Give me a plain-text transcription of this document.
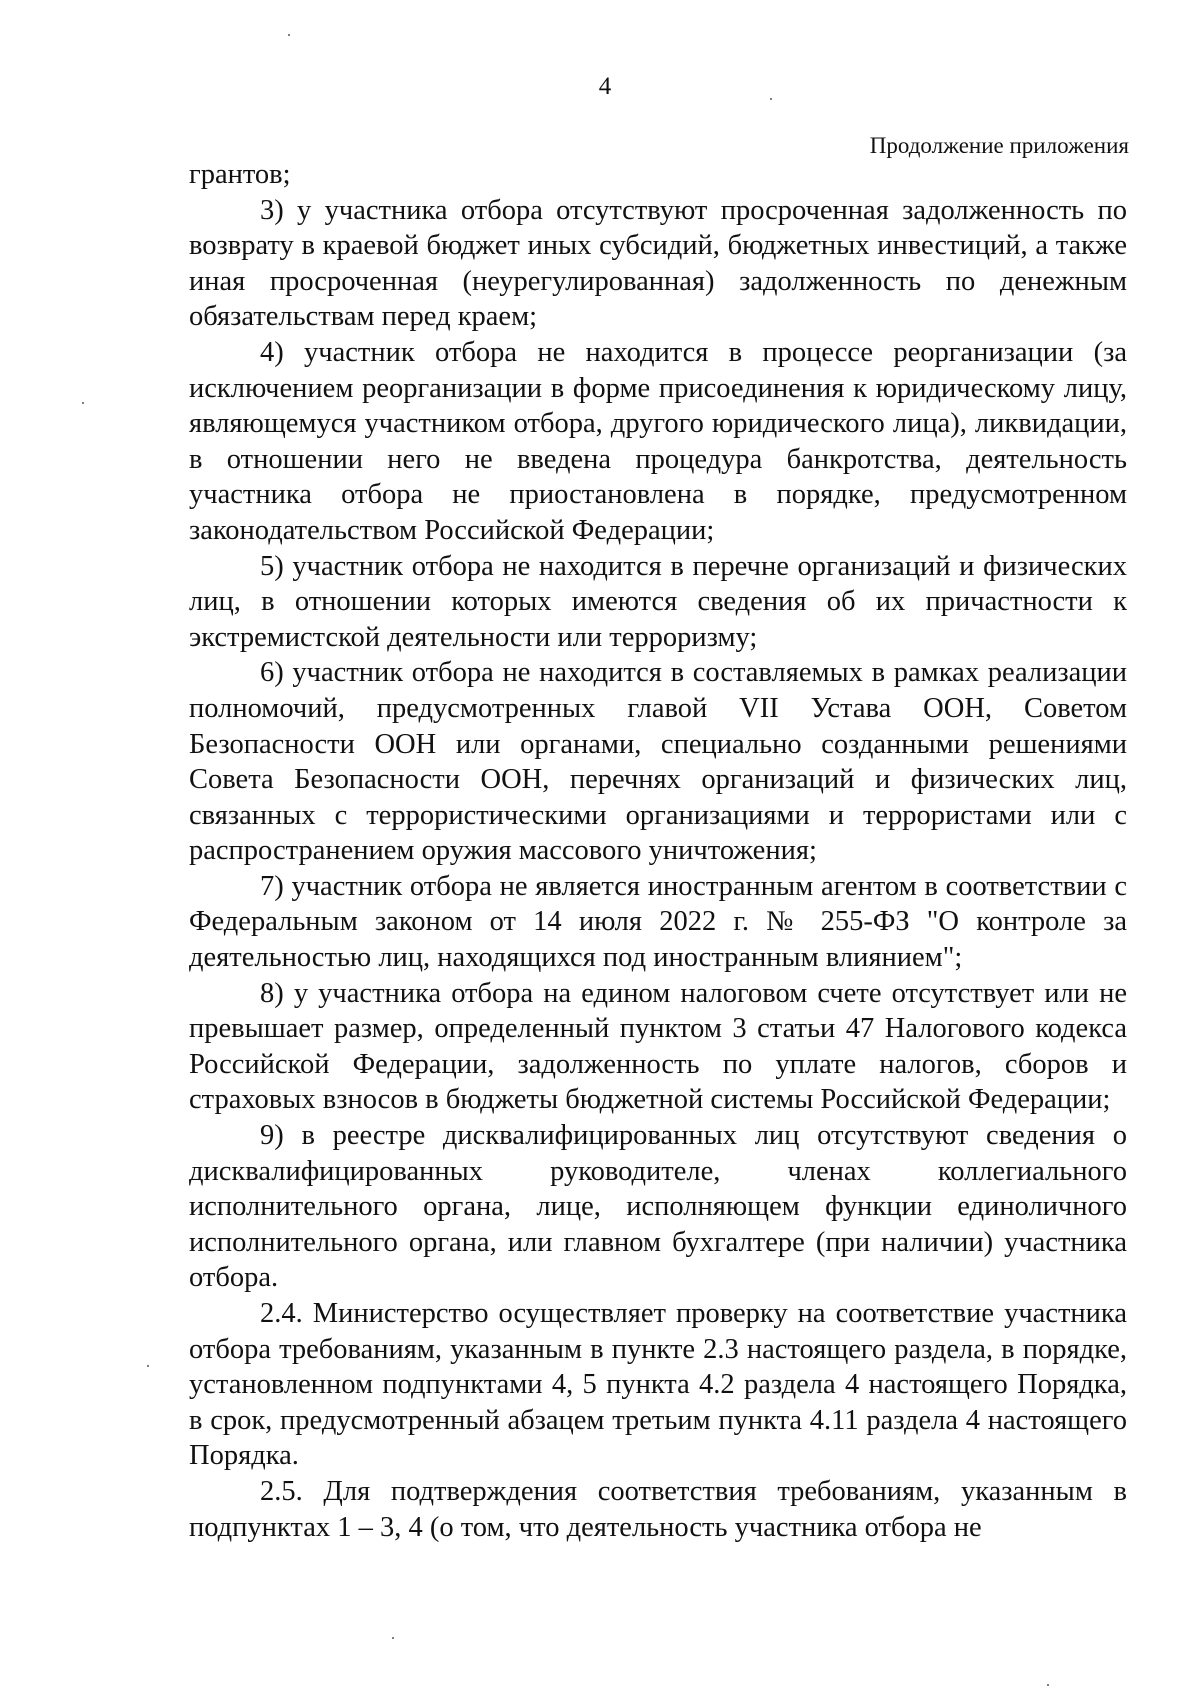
4
Продолжение приложения

грантов;

3) у участника отбора отсутствуют просроченная задолженность по возврату в краевой бюджет иных субсидий, бюджетных инвестиций, а также иная просроченная (неурегулированная) задолженность по денежным обязательствам перед краем;

4) участник отбора не находится в процессе реорганизации (за исключением реорганизации в форме присоединения к юридическому лицу, являющемуся участником отбора, другого юридического лица), ликвидации, в отношении него не введена процедура банкротства, деятельность участника отбора не приостановлена в порядке, предусмотренном законодательством Российской Федерации;

5) участник отбора не находится в перечне организаций и физических лиц, в отношении которых имеются сведения об их причастности к экстремистской деятельности или терроризму;

6) участник отбора не находится в составляемых в рамках реализации полномочий, предусмотренных главой VII Устава ООН, Советом Безопасности ООН или органами, специально созданными решениями Совета Безопасности ООН, перечнях организаций и физических лиц, связанных с террористическими организациями и террористами или с распространением оружия массового уничтожения;

7) участник отбора не является иностранным агентом в соответствии с Федеральным законом от 14 июля 2022 г. № 255-ФЗ "О контроле за деятельностью лиц, находящихся под иностранным влиянием";

8) у участника отбора на едином налоговом счете отсутствует или не превышает размер, определенный пунктом 3 статьи 47 Налогового кодекса Российской Федерации, задолженность по уплате налогов, сборов и страховых взносов в бюджеты бюджетной системы Российской Федерации;

9) в реестре дисквалифицированных лиц отсутствуют сведения о дисквалифицированных руководителе, членах коллегиального исполнительного органа, лице, исполняющем функции единоличного исполнительного органа, или главном бухгалтере (при наличии) участника отбора.

2.4. Министерство осуществляет проверку на соответствие участника отбора требованиям, указанным в пункте 2.3 настоящего раздела, в порядке, установленном подпунктами 4, 5 пункта 4.2 раздела 4 настоящего Порядка, в срок, предусмотренный абзацем третьим пункта 4.11 раздела 4 настоящего Порядка.

2.5. Для подтверждения соответствия требованиям, указанным в подпунктах 1 – 3, 4 (о том, что деятельность участника отбора не
